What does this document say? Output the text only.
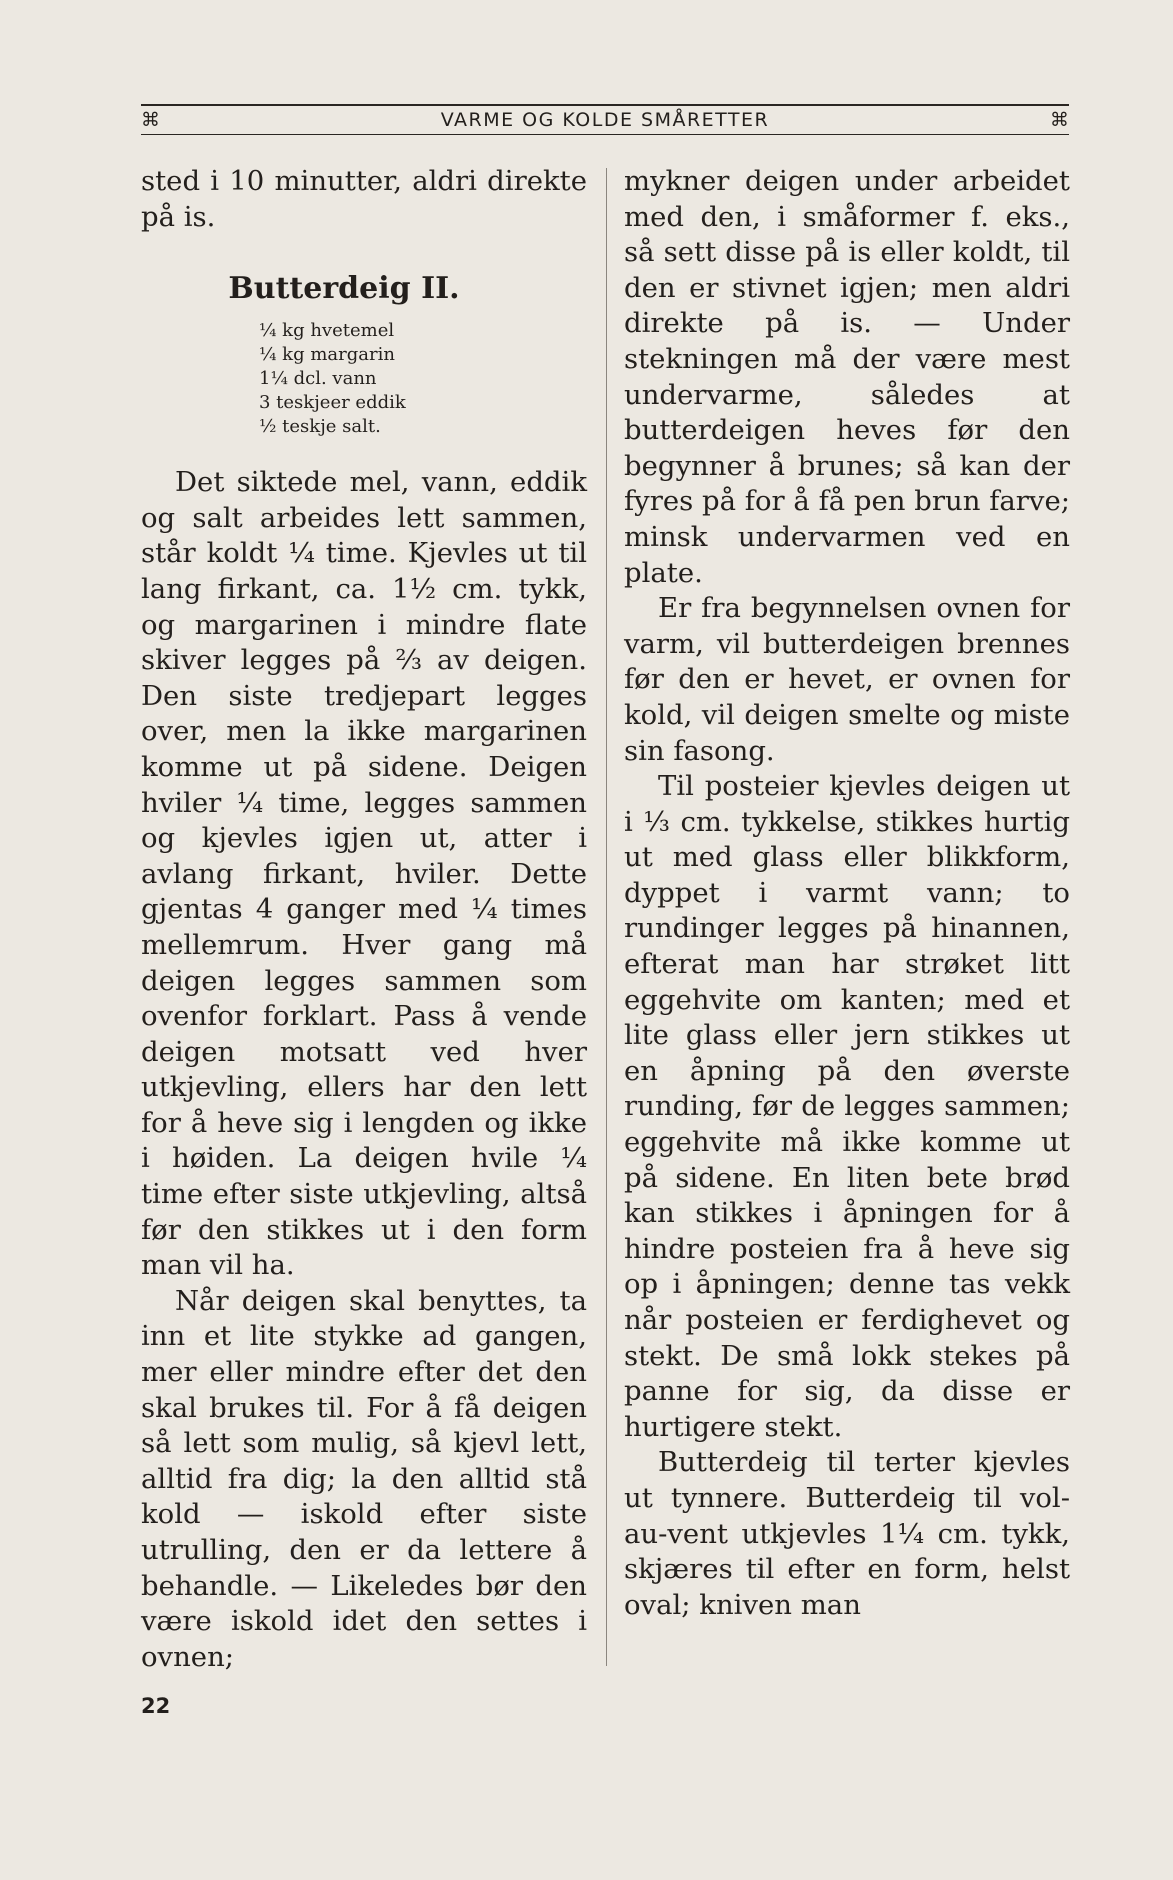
⌘	VARME OG KOLDE SMÅRETTER	⌘

sted i 10 minutter, aldri direkte på is.

Butterdeig II.
¼ kg hvetemel
¼ kg margarin
1¼ dcl. vann
3 teskjeer eddik
½ teskje salt.

Det siktede mel, vann, eddik og salt arbeides lett sammen, står koldt ¼ time. Kjevles ut til lang firkant, ca. 1½ cm. tykk, og margarinen i mindre flate skiver legges på ⅔ av deigen. Den siste tredjepart legges over, men la ikke margarinen komme ut på sidene. Deigen hviler ¼ time, legges sammen og kjevles igjen ut, atter i avlang firkant, hviler. Dette gjentas 4 ganger med ¼ times mellemrum. Hver gang må deigen legges sammen som ovenfor forklart. Pass å vende deigen motsatt ved hver utkjevling, ellers har den lett for å heve sig i lengden og ikke i høiden. La deigen hvile ¼ time efter siste utkjevling, altså før den stikkes ut i den form man vil ha.

Når deigen skal benyttes, ta inn et lite stykke ad gangen, mer eller mindre efter det den skal brukes til. For å få deigen så lett som mulig, så kjevl lett, alltid fra dig; la den alltid stå kold — iskold efter siste utrulling, den er da lettere å behandle. — Likeledes bør den være iskold idet den settes i ovnen;

mykner deigen under arbeidet med den, i småformer f. eks., så sett disse på is eller koldt, til den er stivnet igjen; men aldri direkte på is. — Under stekningen må der være mest undervarme, således at butterdeigen heves før den begynner å brunes; så kan der fyres på for å få pen brun farve; minsk undervarmen ved en plate.

Er fra begynnelsen ovnen for varm, vil butterdeigen brennes før den er hevet, er ovnen for kold, vil deigen smelte og miste sin fasong.

Til posteier kjevles deigen ut i ⅓ cm. tykkelse, stikkes hurtig ut med glass eller blikkform, dyppet i varmt vann; to rundinger legges på hinannen, efterat man har strøket litt eggehvite om kanten; med et lite glass eller jern stikkes ut en åpning på den øverste runding, før de legges sammen; eggehvite må ikke komme ut på sidene. En liten bete brød kan stikkes i åpningen for å hindre posteien fra å heve sig op i åpningen; denne tas vekk når posteien er ferdighevet og stekt. De små lokk stekes på panne for sig, da disse er hurtigere stekt.

Butterdeig til terter kjevles ut tynnere. Butterdeig til vol-au-vent utkjevles 1¼ cm. tykk, skjæres til efter en form, helst oval; kniven man

22
